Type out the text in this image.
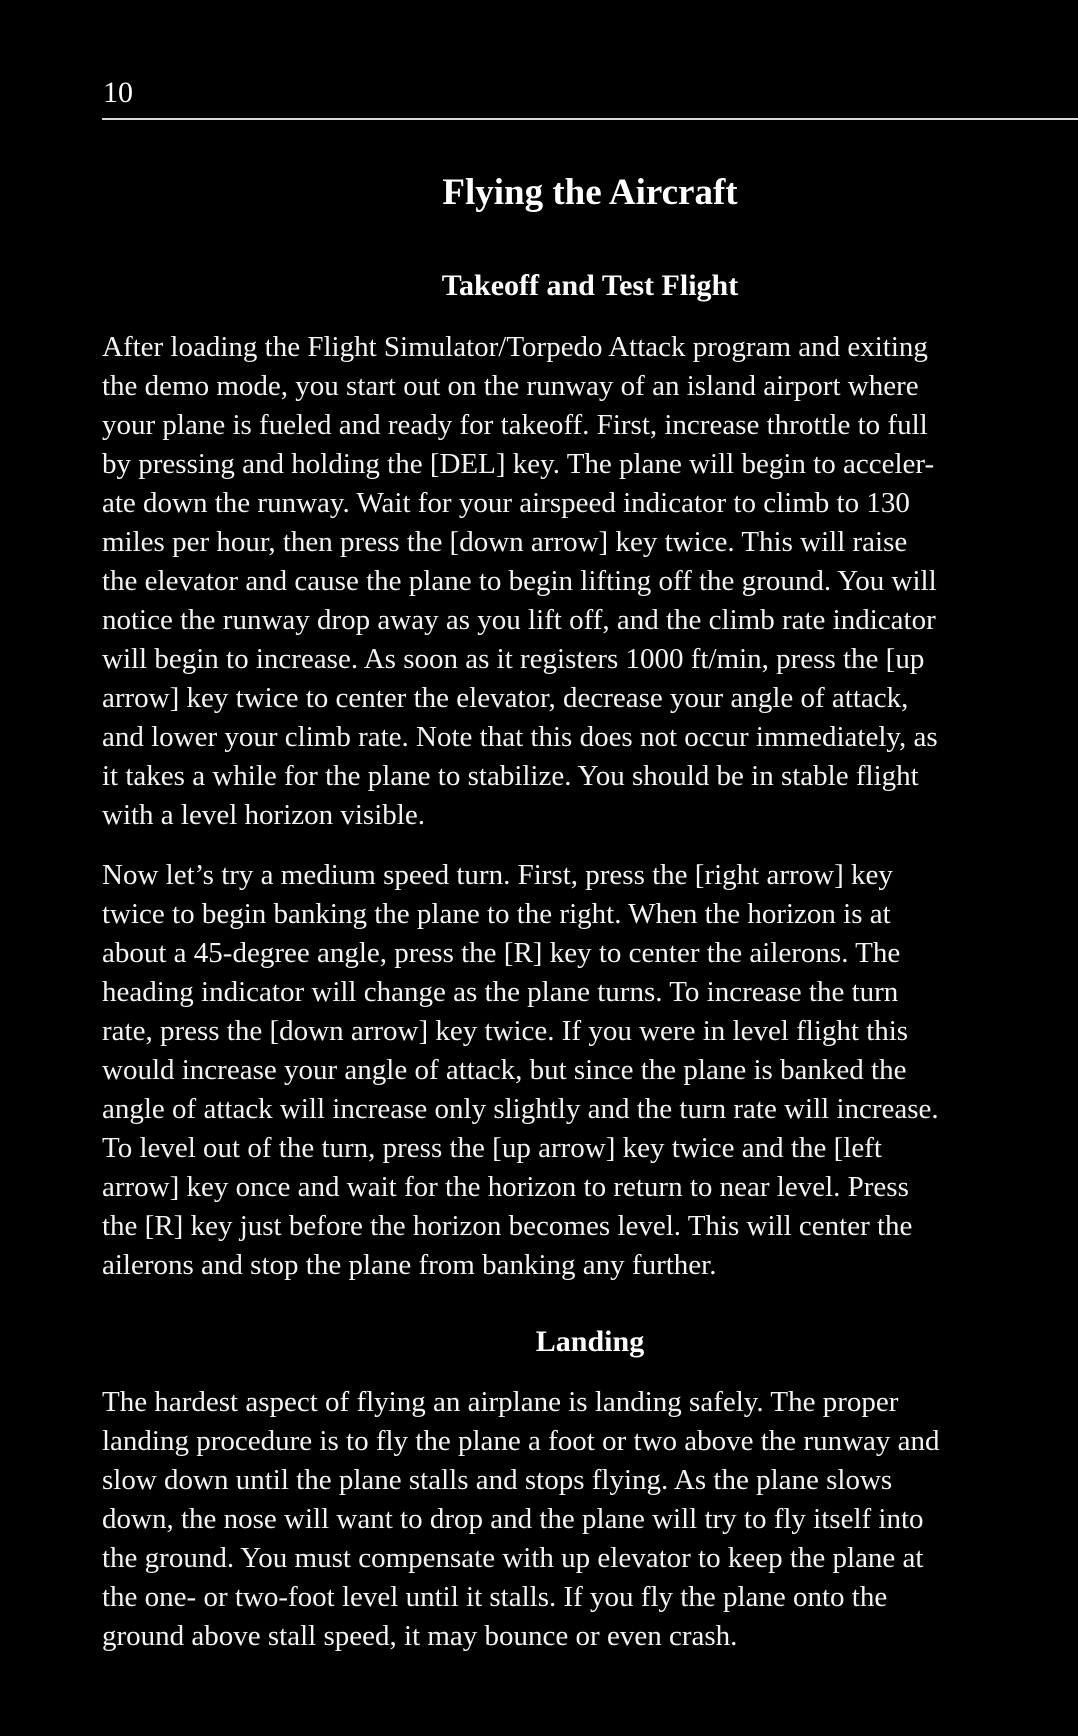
10
Flying the Aircraft
Takeoff and Test Flight
After loading the Flight Simulator/Torpedo Attack program and exiting
the demo mode, you start out on the runway of an island airport where
your plane is fueled and ready for takeoff. First, increase throttle to full
by pressing and holding the [DEL] key. The plane will begin to acceler-
ate down the runway. Wait for your airspeed indicator to climb to 130
miles per hour, then press the [down arrow] key twice. This will raise
the elevator and cause the plane to begin lifting off the ground. You will
notice the runway drop away as you lift off, and the climb rate indicator
will begin to increase. As soon as it registers 1000 ft/min, press the [up
arrow] key twice to center the elevator, decrease your angle of attack,
and lower your climb rate. Note that this does not occur immediately, as
it takes a while for the plane to stabilize. You should be in stable flight
with a level horizon visible.
Now let’s try a medium speed turn. First, press the [right arrow] key
twice to begin banking the plane to the right. When the horizon is at
about a 45-degree angle, press the [R] key to center the ailerons. The
heading indicator will change as the plane turns. To increase the turn
rate, press the [down arrow] key twice. If you were in level flight this
would increase your angle of attack, but since the plane is banked the
angle of attack will increase only slightly and the turn rate will increase.
To level out of the turn, press the [up arrow] key twice and the [left
arrow] key once and wait for the horizon to return to near level. Press
the [R] key just before the horizon becomes level. This will center the
ailerons and stop the plane from banking any further.
Landing
The hardest aspect of flying an airplane is landing safely. The proper
landing procedure is to fly the plane a foot or two above the runway and
slow down until the plane stalls and stops flying. As the plane slows
down, the nose will want to drop and the plane will try to fly itself into
the ground. You must compensate with up elevator to keep the plane at
the one- or two-foot level until it stalls. If you fly the plane onto the
ground above stall speed, it may bounce or even crash.
